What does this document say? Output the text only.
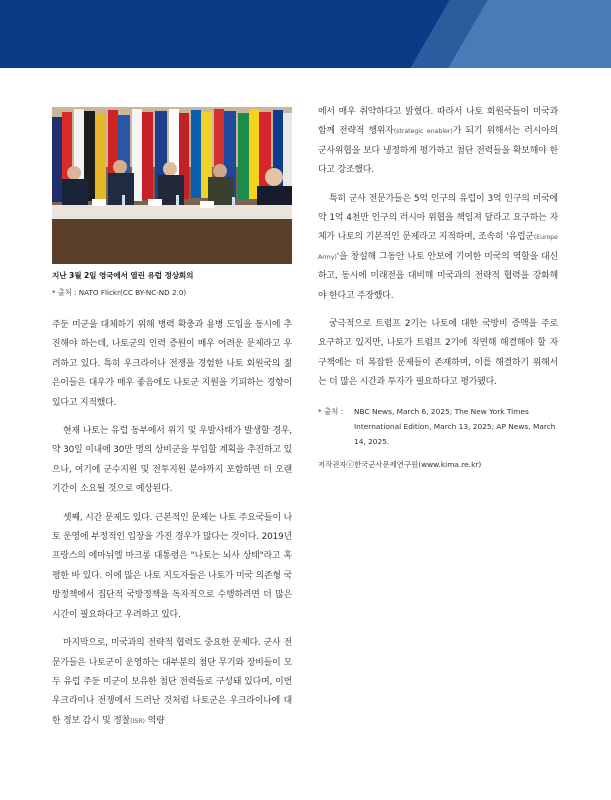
지난 3월 2일 영국에서 열린 유럽 정상회의
* 출처 : NATO Flickr(CC BY-NC-ND 2.0)

주둔 미군을 대체하기 위해 병력 확충과 용병 도입을 동시에 추진해야 하는데, 나토군의 인력 증원이 매우 어려운 문제라고 우려하고 있다. 특히 우크라이나 전쟁을 경험한 나토 회원국의 젊은이들은 대우가 매우 좋음에도 나토군 지원을 기피하는 경향이 있다고 지적했다.

현재 나토는 유럽 동부에서 위기 및 우발사태가 발생할 경우, 약 30일 이내에 30만 명의 상비군을 투입할 계획을 추진하고 있으나, 여기에 군수지원 및 전투지원 분야까지 포함하면 더 오랜 기간이 소요될 것으로 예상된다.

셋째, 시간 문제도 있다. 근본적인 문제는 나토 주요국들이 나토 운영에 부정적인 입장을 가진 경우가 많다는 것이다. 2019년 프랑스의 에마뉘엘 마크롱 대통령은 "나토는 뇌사 상태"라고 혹평한 바 있다. 이에 많은 나토 지도자들은 나토가 미국 의존형 국방정책에서 집단적 국방정책을 독자적으로 수행하려면 더 많은 시간이 필요하다고 우려하고 있다.

마지막으로, 미국과의 전략적 협력도 중요한 문제다. 군사 전문가들은 나토군이 운영하는 대부분의 첨단 무기와 장비들이 모두 유럽 주둔 미군이 보유한 첨단 전력들로 구성돼 있다며, 이번 우크라이나 전쟁에서 드러난 것처럼 나토군은 우크라이나에 대한 정보 감시 및 정찰(ISR) 역량

에서 매우 취약하다고 밝혔다. 따라서 나토 회원국들이 미국과 함께 전략적 행위자(strategic enabler)가 되기 위해서는 러시아의 군사위협을 보다 냉정하게 평가하고 첨단 전력들을 확보해야 한다고 강조했다.

특히 군사 전문가들은 5억 인구의 유럽이 3억 인구의 미국에 약 1억 4천만 인구의 러시아 위협을 책임져 달라고 요구하는 자체가 나토의 기본적인 문제라고 지적하며, 조속히 '유럽군(Europe Army)'을 창설해 그동안 나토 안보에 기여한 미국의 역할을 대신하고, 동시에 미래전을 대비해 미국과의 전략적 협력을 강화해야 한다고 주장했다.

궁극적으로 트럼프 2기는 나토에 대한 국방비 증액을 주로 요구하고 있지만, 나토가 트럼프 2기에 직면해 해결해야 할 자구책에는 더 복잡한 문제들이 존재하며, 이를 해결하기 위해서는 더 많은 시간과 투자가 필요하다고 평가됐다.

* 출처 : NBC News, March 6, 2025; The New York Times International Edition, March 13, 2025; AP News, March 14, 2025.
저작권자ⓒ한국군사문제연구원(www.kima.re.kr)
